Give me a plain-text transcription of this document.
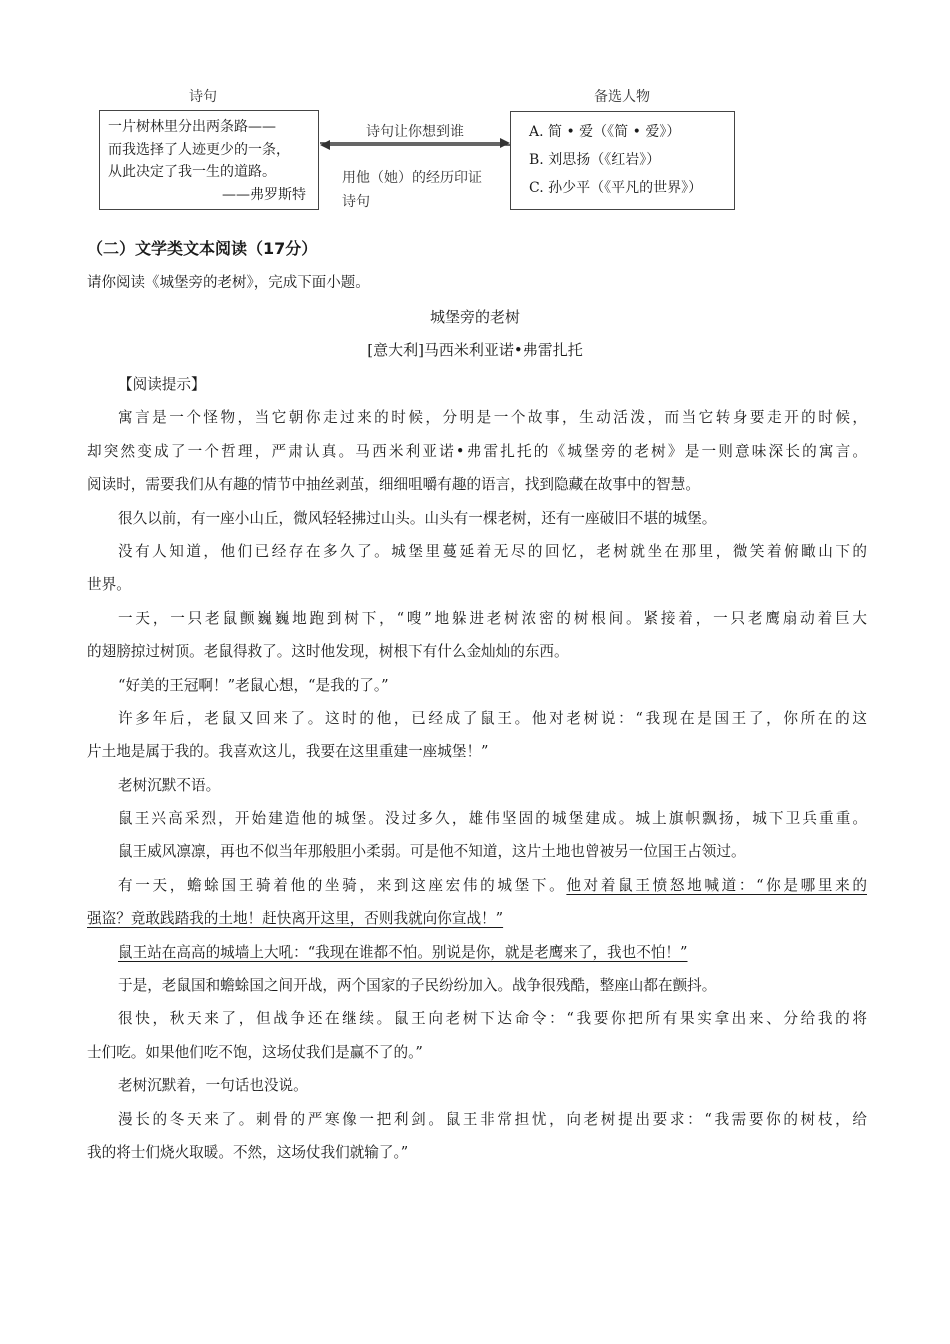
诗句	备选人物
一片树林里分出两条路——
而我选择了人迹更少的一条，
从此决定了我一生的道路。
——弗罗斯特
A. 简 • 爱（《简 • 爱》）
B. 刘思扬（《红岩》）
C. 孙少平（《平凡的世界》）
诗句让你想到谁
用他（她）的经历印证
诗句
（二）文学类文本阅读（17分）
请你阅读《城堡旁的老树》，完成下面小题。
城堡旁的老树
[意大利]马西米利亚诺•弗雷扎托
【阅读提示】
寓言是一个怪物，当它朝你走过来的时候，分明是一个故事，生动活泼，而当它转身要走开的时候，
却突然变成了一个哲理，严肃认真。马西米利亚诺•弗雷扎托的《城堡旁的老树》是一则意味深长的寓言。
阅读时，需要我们从有趣的情节中抽丝剥茧，细细咀嚼有趣的语言，找到隐藏在故事中的智慧。
很久以前，有一座小山丘，微风轻轻拂过山头。山头有一棵老树，还有一座破旧不堪的城堡。
没有人知道，他们已经存在多久了。城堡里蔓延着无尽的回忆，老树就坐在那里，微笑着俯瞰山下的
世界。
一天，一只老鼠颤巍巍地跑到树下，“嗖”地躲进老树浓密的树根间。紧接着，一只老鹰扇动着巨大
的翅膀掠过树顶。老鼠得救了。这时他发现，树根下有什么金灿灿的东西。
“好美的王冠啊！”老鼠心想，“是我的了。”
许多年后，老鼠又回来了。这时的他，已经成了鼠王。他对老树说：“我现在是国王了，你所在的这
片土地是属于我的。我喜欢这儿，我要在这里重建一座城堡！”
老树沉默不语。
鼠王兴高采烈，开始建造他的城堡。没过多久，雄伟坚固的城堡建成。城上旗帜飘扬，城下卫兵重重。
鼠王威风凛凛，再也不似当年那般胆小柔弱。可是他不知道，这片土地也曾被另一位国王占领过。
有一天，蟾蜍国王骑着他的坐骑，来到这座宏伟的城堡下。他对着鼠王愤怒地喊道：“你是哪里来的
强盗？竟敢践踏我的土地！赶快离开这里，否则我就向你宣战！”
鼠王站在高高的城墙上大吼：“我现在谁都不怕。别说是你，就是老鹰来了，我也不怕！”
于是，老鼠国和蟾蜍国之间开战，两个国家的子民纷纷加入。战争很残酷，整座山都在颤抖。
很快，秋天来了，但战争还在继续。鼠王向老树下达命令：“我要你把所有果实拿出来、分给我的将
士们吃。如果他们吃不饱，这场仗我们是赢不了的。”
老树沉默着，一句话也没说。
漫长的冬天来了。刺骨的严寒像一把利剑。鼠王非常担忧，向老树提出要求：“我需要你的树枝，给
我的将士们烧火取暖。不然，这场仗我们就输了。”
